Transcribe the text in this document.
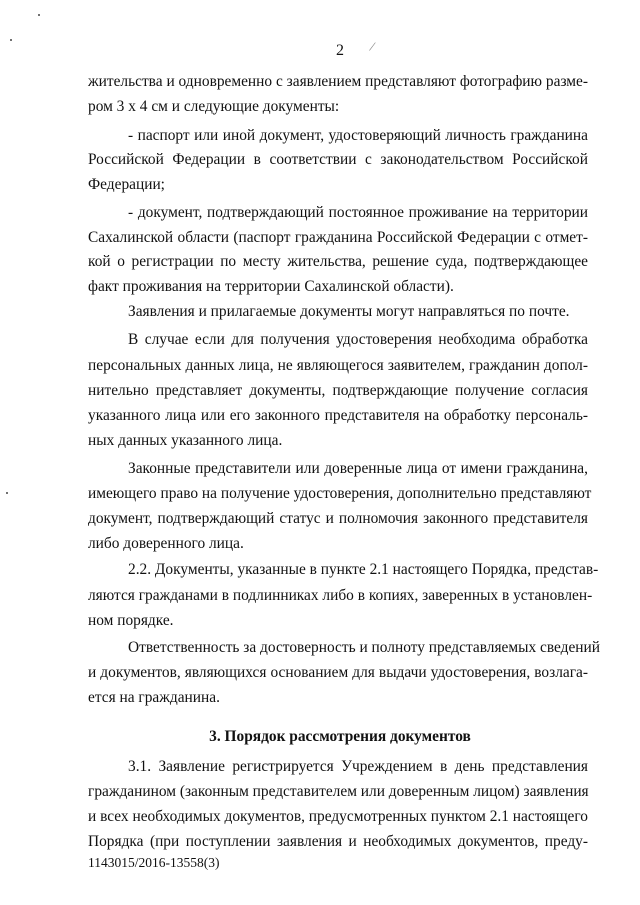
2	/
жительства и одновременно с заявлением представляют фотографию разме-
ром 3 х 4 см и следующие документы:
- паспорт или иной документ, удостоверяющий личность гражданина
Российской Федерации в соответствии с законодательством Российской
Федерации;
- документ, подтверждающий постоянное проживание на территории
Сахалинской области (паспорт гражданина Российской Федерации с отмет-
кой о регистрации по месту жительства, решение суда, подтверждающее
факт проживания на территории Сахалинской области).
Заявления и прилагаемые документы могут направляться по почте.
В случае если для получения удостоверения необходима обработка
персональных данных лица, не являющегося заявителем, гражданин допол-
нительно представляет документы, подтверждающие получение согласия
указанного лица или его законного представителя на обработку персональ-
ных данных указанного лица.
Законные представители или доверенные лица от имени гражданина,
имеющего право на получение удостоверения, дополнительно представляют
документ, подтверждающий статус и полномочия законного представителя
либо доверенного лица.
2.2. Документы, указанные в пункте 2.1 настоящего Порядка, представ-
ляются гражданами в подлинниках либо в копиях, заверенных в установлен-
ном порядке.
Ответственность за достоверность и полноту представляемых сведений
и документов, являющихся основанием для выдачи удостоверения, возлага-
ется на гражданина.
3. Порядок рассмотрения документов
3.1. Заявление регистрируется Учреждением в день представления
гражданином (законным представителем или доверенным лицом) заявления
и всех необходимых документов, предусмотренных пунктом 2.1 настоящего
Порядка (при поступлении заявления и необходимых документов, преду-
1143015/2016-13558(3)
